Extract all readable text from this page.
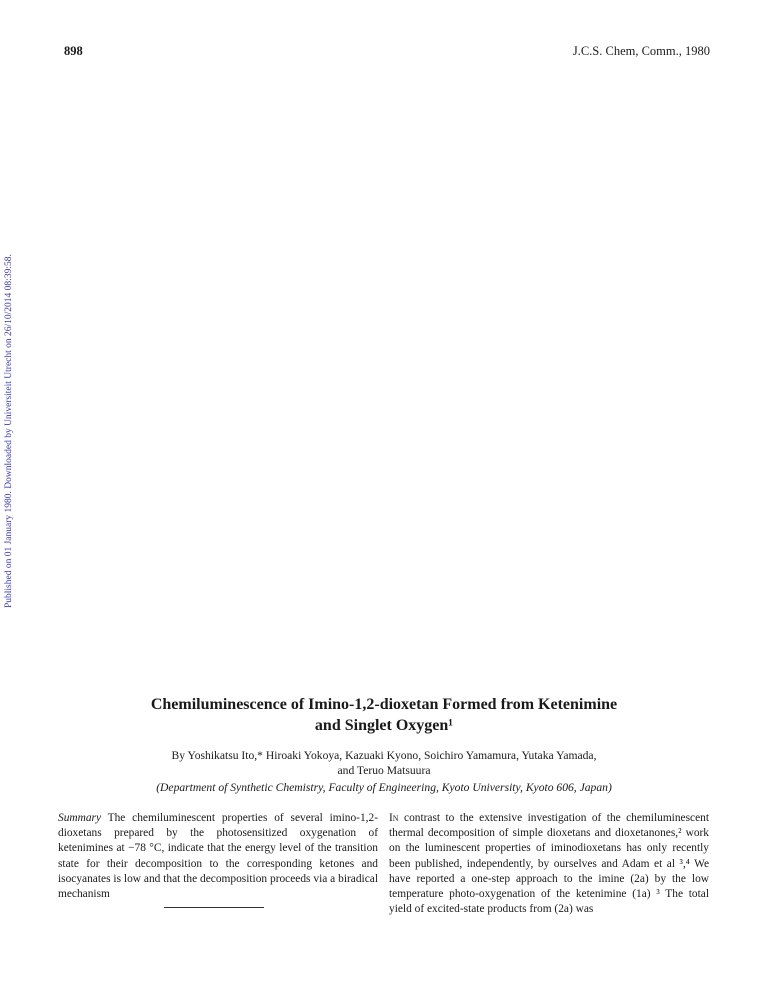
898	J.C.S. Chem, Comm., 1980
Published on 01 January 1980. Downloaded by Universiteit Utrecht on 26/10/2014 08:39:58.

Chemiluminescence of Imino-1,2-dioxetan Formed from Ketenimine

and Singlet Oxygen¹

By Yoshikatsu Ito,* Hiroaki Yokoya, Kazuaki Kyono, Soichiro Yamamura, Yutaka Yamada,
and Teruo Matsuura
(Department of Synthetic Chemistry, Faculty of Engineering, Kyoto University, Kyoto 606, Japan)
Summary The chemiluminescent properties of several imino-1,2-dioxetans prepared by the photosensitized oxygenation of ketenimines at −78 °C, indicate that the energy level of the transition state for their decomposition to the corresponding ketones and isocyanates is low and that the decomposition proceeds via a biradical mechanism
In contrast to the extensive investigation of the chemiluminescent thermal decomposition of simple dioxetans and dioxetanones,² work on the luminescent properties of iminodioxetans has only recently been published, independently, by ourselves and Adam et al ³,⁴ We have reported a one-step approach to the imine (2a) by the low temperature photo-oxygenation of the ketenimine (1a) ³ The total yield of excited-state products from (2a) was
